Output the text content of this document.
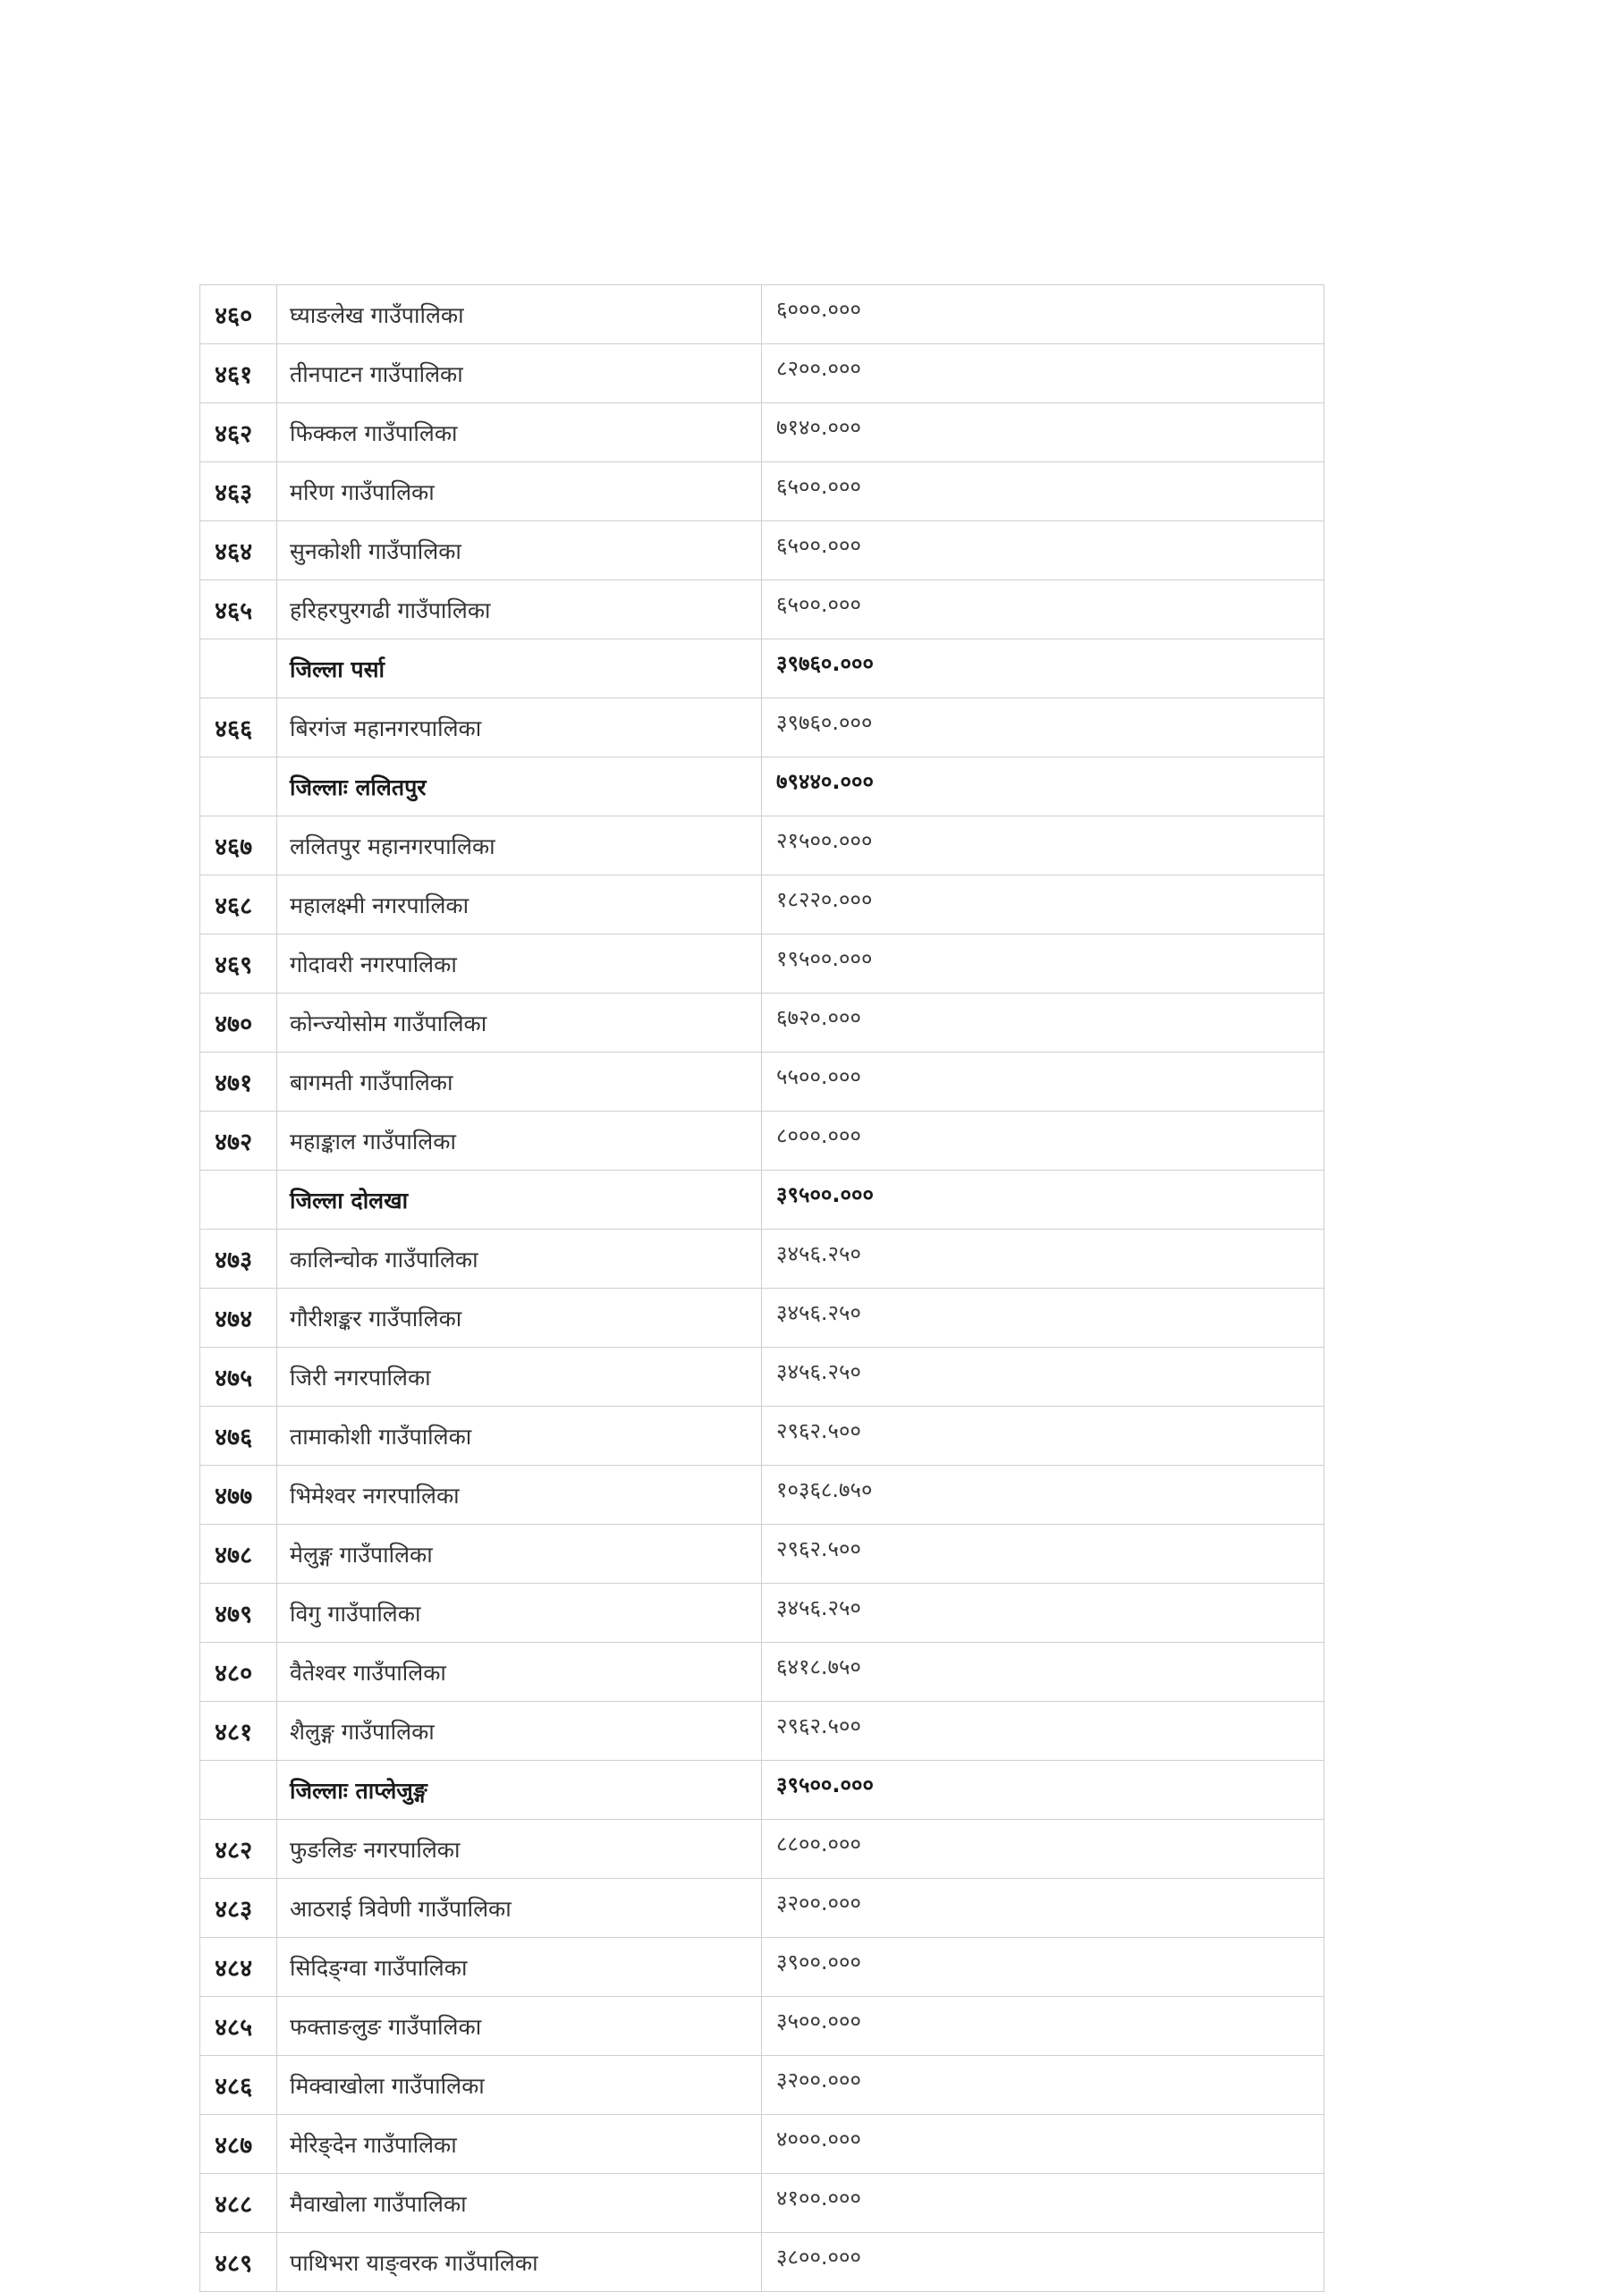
४६०	घ्याङलेख गाउँपालिका	६०००.०००
४६१	तीनपाटन गाउँपालिका	८२००.०००
४६२	फिक्कल गाउँपालिका	७१४०.०००
४६३	मरिण गाउँपालिका	६५००.०००
४६४	सुनकोशी गाउँपालिका	६५००.०००
४६५	हरिहरपुरगढी गाउँपालिका	६५००.०००
	जिल्ला पर्सा	३९७६०.०००
४६६	बिरगंज महानगरपालिका	३९७६०.०००
	जिल्लाः ललितपुर	७९४४०.०००
४६७	ललितपुर महानगरपालिका	२१५००.०००
४६८	महालक्ष्मी नगरपालिका	१८२२०.०००
४६९	गोदावरी नगरपालिका	१९५००.०००
४७०	कोन्ज्योसोम गाउँपालिका	६७२०.०००
४७१	बागमती गाउँपालिका	५५००.०००
४७२	महाङ्काल गाउँपालिका	८०००.०००
	जिल्ला दोलखा	३९५००.०००
४७३	कालिन्चोक गाउँपालिका	३४५६.२५०
४७४	गौरीशङ्कर गाउँपालिका	३४५६.२५०
४७५	जिरी नगरपालिका	३४५६.२५०
४७६	तामाकोशी गाउँपालिका	२९६२.५००
४७७	भिमेश्वर नगरपालिका	१०३६८.७५०
४७८	मेलुङ्ग गाउँपालिका	२९६२.५००
४७९	विगु गाउँपालिका	३४५६.२५०
४८०	वैतेश्वर गाउँपालिका	६४१८.७५०
४८१	शैलुङ्ग गाउँपालिका	२९६२.५००
	जिल्लाः ताप्लेजुङ्ग	३९५००.०००
४८२	फुङलिङ नगरपालिका	८८००.०००
४८३	आठराई त्रिवेणी गाउँपालिका	३२००.०००
४८४	सिदिङ्ग्वा गाउँपालिका	३९००.०००
४८५	फक्ताङलुङ गाउँपालिका	३५००.०००
४८६	मिक्वाखोला गाउँपालिका	३२००.०००
४८७	मेरिङ्देन गाउँपालिका	४०००.०००
४८८	मैवाखोला गाउँपालिका	४१००.०००
४८९	पाथिभरा याङ्वरक गाउँपालिका	३८००.०००
